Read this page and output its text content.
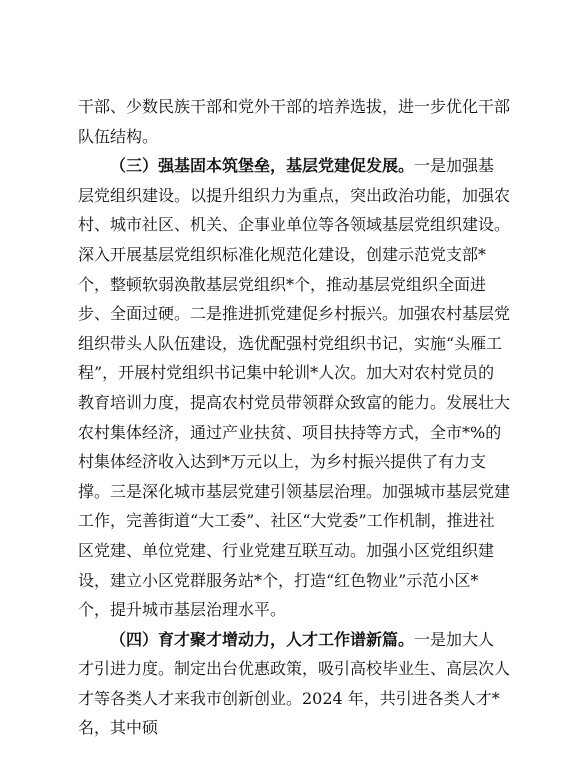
干部、少数民族干部和党外干部的培养选拔，进一步优化干部队伍结构。

（三）强基固本筑堡垒，基层党建促发展。一是加强基层党组织建设。以提升组织力为重点，突出政治功能，加强农村、城市社区、机关、企事业单位等各领域基层党组织建设。深入开展基层党组织标准化规范化建设，创建示范党支部*个，整顿软弱涣散基层党组织*个，推动基层党组织全面进步、全面过硬。二是推进抓党建促乡村振兴。加强农村基层党组织带头人队伍建设，选优配强村党组织书记，实施“头雁工程”，开展村党组织书记集中轮训*人次。加大对农村党员的教育培训力度，提高农村党员带领群众致富的能力。发展壮大农村集体经济，通过产业扶贫、项目扶持等方式，全市*%的村集体经济收入达到*万元以上，为乡村振兴提供了有力支撑。三是深化城市基层党建引领基层治理。加强城市基层党建工作，完善街道“大工委”、社区“大党委”工作机制，推进社区党建、单位党建、行业党建互联互动。加强小区党组织建设，建立小区党群服务站*个，打造“红色物业”示范小区*个，提升城市基层治理水平。

（四）育才聚才增动力，人才工作谱新篇。一是加大人才引进力度。制定出台优惠政策，吸引高校毕业生、高层次人才等各类人才来我市创新创业。2024 年，共引进各类人才*名，其中硕
